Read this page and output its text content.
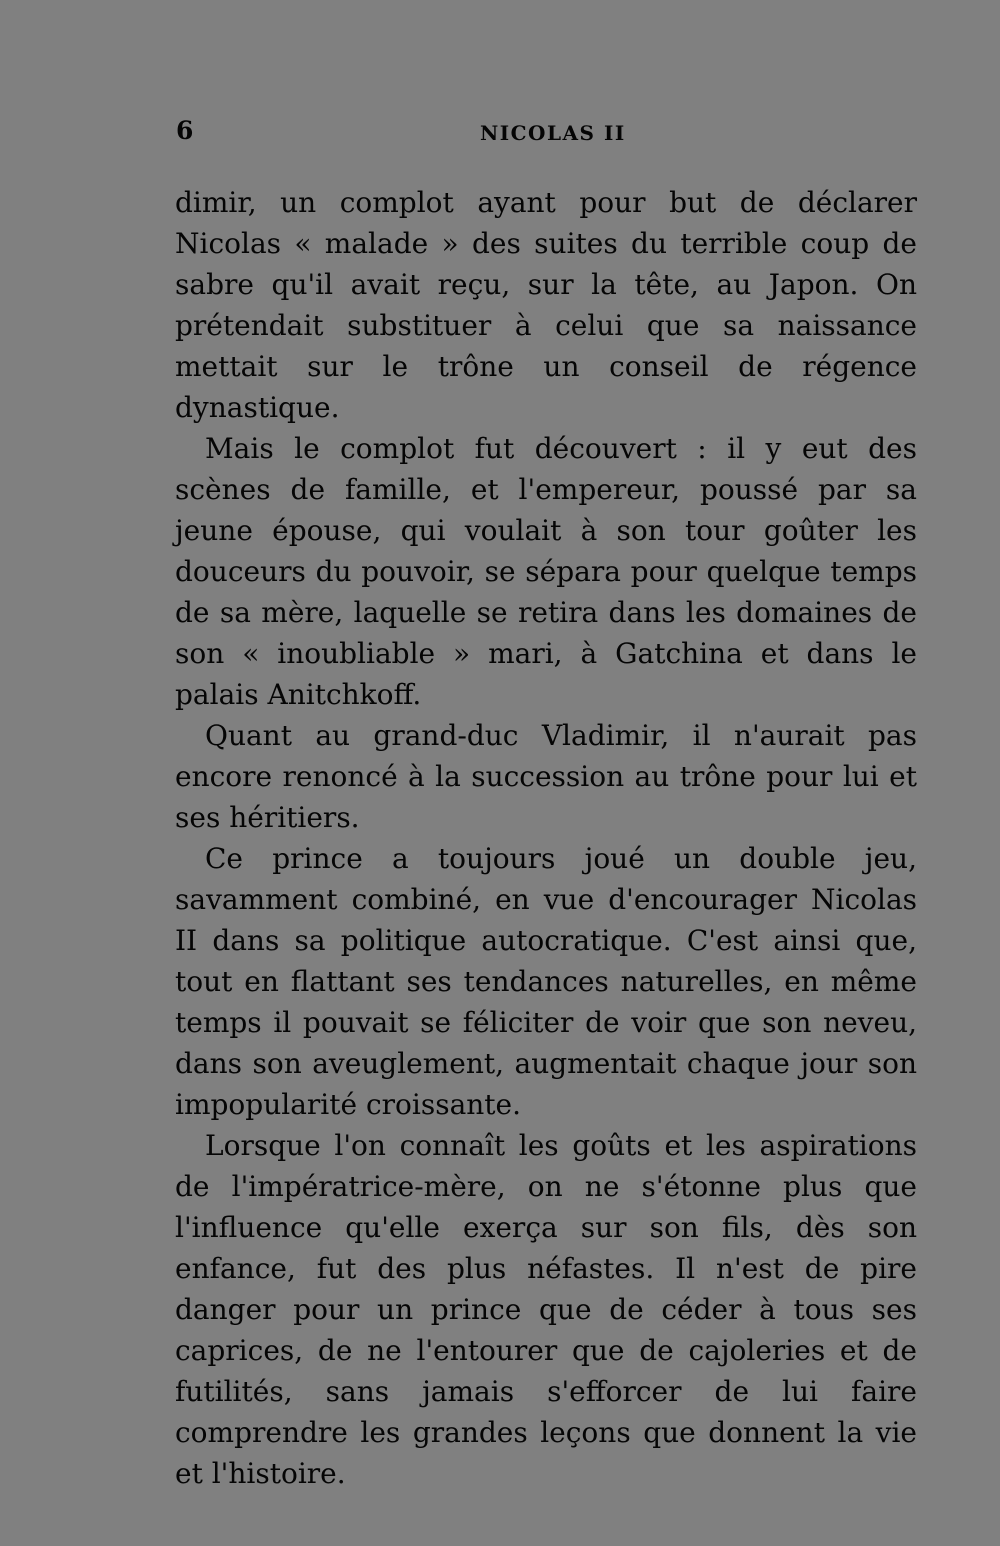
6	NICOLAS II

dimir, un complot ayant pour but de déclarer Nicolas « malade » des suites du terrible coup de sabre qu'il avait reçu, sur la tête, au Japon. On prétendait substituer à celui que sa naissance mettait sur le trône un conseil de régence dynastique.

Mais le complot fut découvert : il y eut des scènes de famille, et l'empereur, poussé par sa jeune épouse, qui voulait à son tour goûter les douceurs du pouvoir, se sépara pour quelque temps de sa mère, laquelle se retira dans les domaines de son « inoubliable » mari, à Gatchina et dans le palais Anitchkoff.

Quant au grand-duc Vladimir, il n'aurait pas encore renoncé à la succession au trône pour lui et ses héritiers.

Ce prince a toujours joué un double jeu, savamment combiné, en vue d'encourager Nicolas II dans sa politique autocratique. C'est ainsi que, tout en flattant ses tendances naturelles, en même temps il pouvait se féliciter de voir que son neveu, dans son aveuglement, augmentait chaque jour son impopularité croissante.

Lorsque l'on connaît les goûts et les aspirations de l'impératrice-mère, on ne s'étonne plus que l'influence qu'elle exerça sur son fils, dès son enfance, fut des plus néfastes. Il n'est de pire danger pour un prince que de céder à tous ses caprices, de ne l'entourer que de cajoleries et de futilités, sans jamais s'efforcer de lui faire comprendre les grandes leçons que donnent la vie et l'histoire.
